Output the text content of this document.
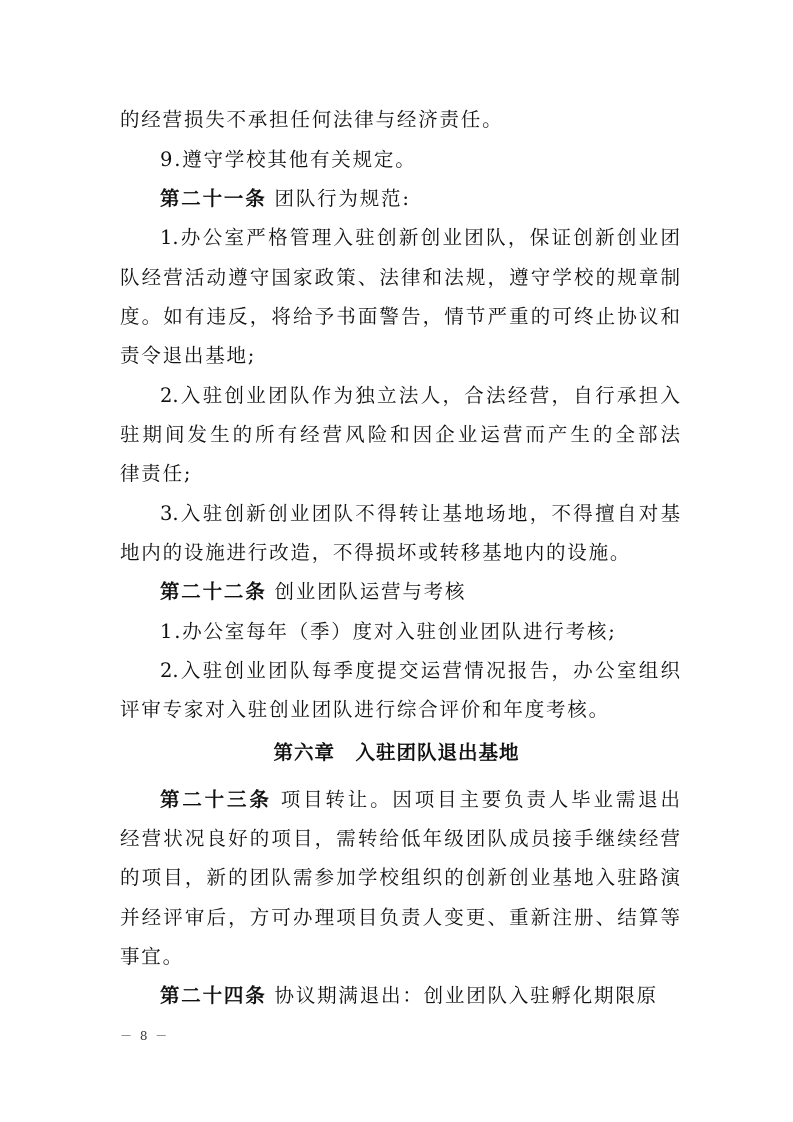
的经营损失不承担任何法律与经济责任。
9.遵守学校其他有关规定。
第二十一条 团队行为规范:
1.办公室严格管理入驻创新创业团队，保证创新创业团
队经营活动遵守国家政策、法律和法规，遵守学校的规章制
度。如有违反，将给予书面警告，情节严重的可终止协议和
责令退出基地;
2.入驻创业团队作为独立法人，合法经营，自行承担入
驻期间发生的所有经营风险和因企业运营而产生的全部法
律责任;
3.入驻创新创业团队不得转让基地场地，不得擅自对基
地内的设施进行改造，不得损坏或转移基地内的设施。
第二十二条 创业团队运营与考核
1.办公室每年（季）度对入驻创业团队进行考核;
2.入驻创业团队每季度提交运营情况报告，办公室组织
评审专家对入驻创业团队进行综合评价和年度考核。
第六章　入驻团队退出基地
第二十三条 项目转让。因项目主要负责人毕业需退出
经营状况良好的项目，需转给低年级团队成员接手继续经营
的项目，新的团队需参加学校组织的创新创业基地入驻路演
并经评审后，方可办理项目负责人变更、重新注册、结算等
事宜。
第二十四条 协议期满退出：创业团队入驻孵化期限原
－ 8 －
